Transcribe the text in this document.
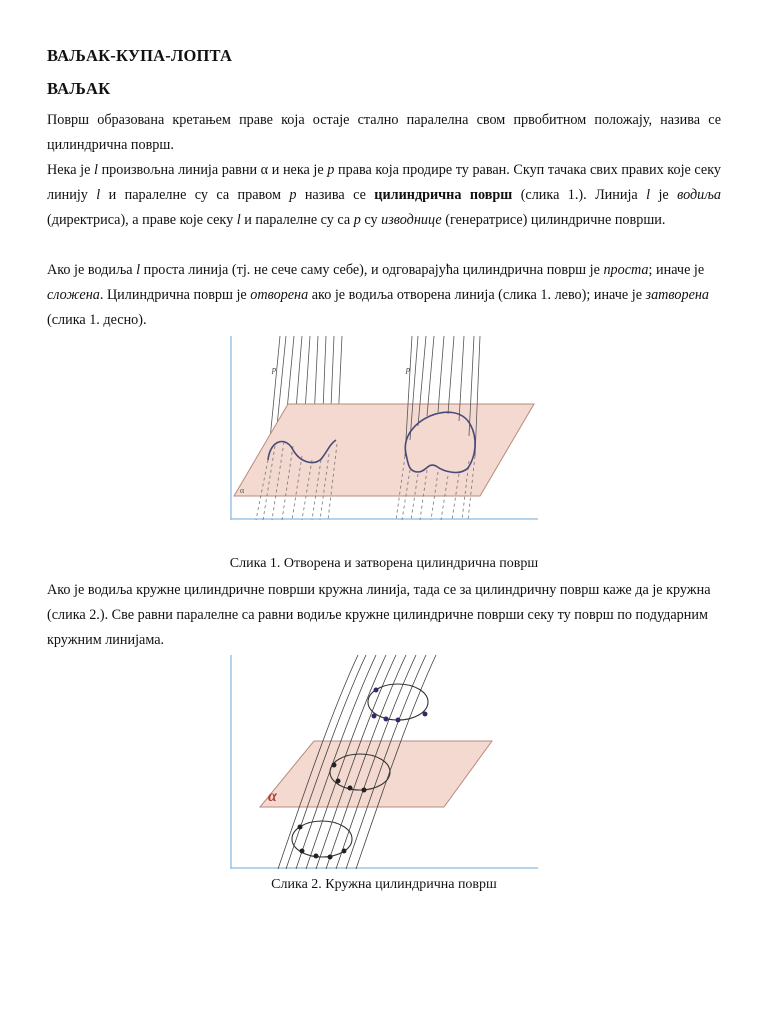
ВАЉАК-КУПА-ЛОПТА
ВАЉАК

Површ образована кретањем праве која остаје стално паралелна свом првобитном положају, назива се цилиндрична површ.

Нека је l произвољна линија равни α и нека је p права која продире ту раван. Скуп тачака свих правих које секу линију l и паралелне су са правом p назива се цилиндрична површ (слика 1.). Линија l је водиља (директриса), а праве које секу l и паралелне су са p су изводнице (генератрисе) цилиндричне површи.

Ако је водиља l проста линија (тј. не сече саму себе), и одговарајућа цилиндрична површ је проста; иначе је сложена. Цилиндрична површ је отворена ако је водиља отворена линија (слика 1. лево); иначе је затворена (слика 1. десно).

Ако је водиља кружне цилиндричне површи кружна линија, тада се за цилиндричну површ каже да је кружна (слика 2.). Све равни паралелне са равни водиље кружне цилиндричне површи секу ту површ по подударним кружним линијама.

p	p
α
Слика 1. Отворена и затворена цилиндрична површ
α
Слика 2. Кружна цилиндрична површ
